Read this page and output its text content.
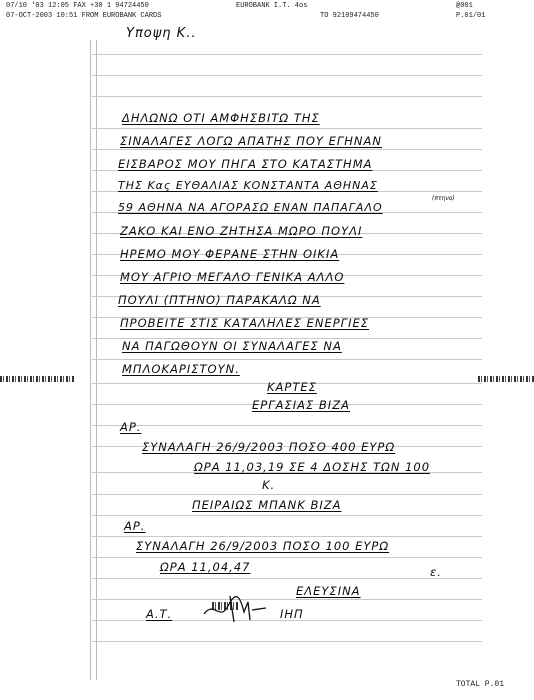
07/10 '03 12:05 FAX +30 1 94724450	EUROBANK I.T. 4os	@001
07-OCT-2003 10:51 FROM EUROBANK CARDS	TO 92109474450	P.01/01
Υποψη Κ..
ΔΗΛΩΝΩ ΟΤΙ ΑΜΦΗΣΒΙΤΩ ΤΗΣ
ΣΙΝΑΛΑΓΕΣ ΛΟΓΩ ΑΠΑΤΗΣ ΠΟΥ ΕΓΗΝΑΝ
ΕΙΣΒΑΡΟΣ ΜΟΥ ΠΗΓΑ ΣΤΟ ΚΑΤΑΣΤΗΜΑ
ΤΗΣ Κας ΕΥΘΑΛΙΑΣ ΚΟΝΣΤΑΝΤΑ ΑΘΗΝΑΣ
59 ΑΘΗΝΑ ΝΑ ΑΓΟΡΑΣΩ ΕΝΑΝ ΠΑΠΑΓΑΛΟ
(πτηνο)
ΖΑΚΟ ΚΑΙ ΕΝΟ ΖΗΤΗΣΑ ΜΩΡΟ ΠΟΥΛΙ
ΗΡΕΜΟ ΜΟΥ ΦΕΡΑΝΕ ΣΤΗΝ ΟΙΚΙΑ
ΜΟΥ ΑΓΡΙΟ ΜΕΓΑΛΟ ΓΕΝΙΚΑ ΑΛΛΟ
ΠΟΥΛΙ (ΠΤΗΝΟ) ΠΑΡΑΚΑΛΩ ΝΑ
ΠΡΟΒΕΙΤΕ ΣΤΙΣ ΚΑΤΑΛΗΛΕΣ ΕΝΕΡΓΙΕΣ
ΝΑ ΠΑΓΩΘΟΥΝ ΟΙ ΣΥΝΑΛΑΓΕΣ ΝΑ
ΜΠΛΟΚΑΡΙΣΤΟΥΝ.
ΚΑΡΤΕΣ
ΕΡΓΑΣΙΑΣ ΒΙΖΑ
ΑΡ.
ΣΥΝΑΛΑΓΗ 26/9/2003 ΠΟΣΟ 400 ΕΥΡΩ
ΩΡΑ 11,03,19 ΣΕ 4 ΔΟΣΗΣ ΤΩΝ 100
Κ.
ΠΕΙΡΑΙΩΣ ΜΠΑΝΚ ΒΙΖΑ
ΑΡ.
ΣΥΝΑΛΑΓΗ 26/9/2003 ΠΟΣΟ 100 ΕΥΡΩ
ΩΡΑ 11,04,47	ε.
ΕΛΕΥΣΙΝΑ
Α.Τ.	ΙΗΠ
TOTAL P.01
